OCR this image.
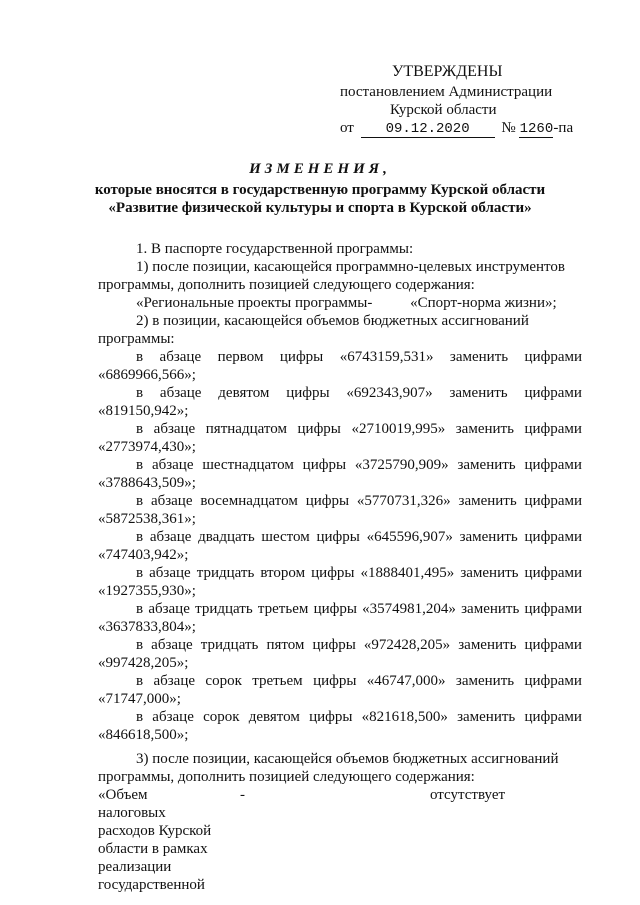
УТВЕРЖДЕНЫ
постановлением Администрации
Курской области
от 09.12.2020 № 1260-па
ИЗМЕНЕНИЯ,
которые вносятся в государственную программу Курской области
«Развитие физической культуры и спорта в Курской области»

1. В паспорте государственной программы:

1) после позиции, касающейся программно-целевых инструментов

программы, дополнить позицией следующего содержания:

«Региональные проекты программы-	«Спорт-норма жизни»;

2) в позиции, касающейся объемов бюджетных ассигнований

программы:

в абзаце первом цифры «6743159,531» заменить цифрами
«6869966,566»;
в абзаце девятом цифры «692343,907» заменить цифрами
«819150,942»;
в абзаце пятнадцатом цифры «2710019,995» заменить цифрами
«2773974,430»;
в абзаце шестнадцатом цифры «3725790,909» заменить цифрами
«3788643,509»;
в абзаце восемнадцатом цифры «5770731,326» заменить цифрами
«5872538,361»;
в абзаце двадцать шестом цифры «645596,907» заменить цифрами
«747403,942»;
в абзаце тридцать втором цифры «1888401,495» заменить цифрами
«1927355,930»;
в абзаце тридцать третьем цифры «3574981,204» заменить цифрами
«3637833,804»;
в абзаце тридцать пятом цифры «972428,205» заменить цифрами
«997428,205»;
в абзаце сорок третьем цифры «46747,000» заменить цифрами
«71747,000»;
в абзаце сорок девятом цифры «821618,500» заменить цифрами
«846618,500»;

3) после позиции, касающейся объемов бюджетных ассигнований

программы, дополнить позицией следующего содержания:

«Объем налоговых
расходов Курской
области в рамках
реализации
государственной
-	отсутствует
